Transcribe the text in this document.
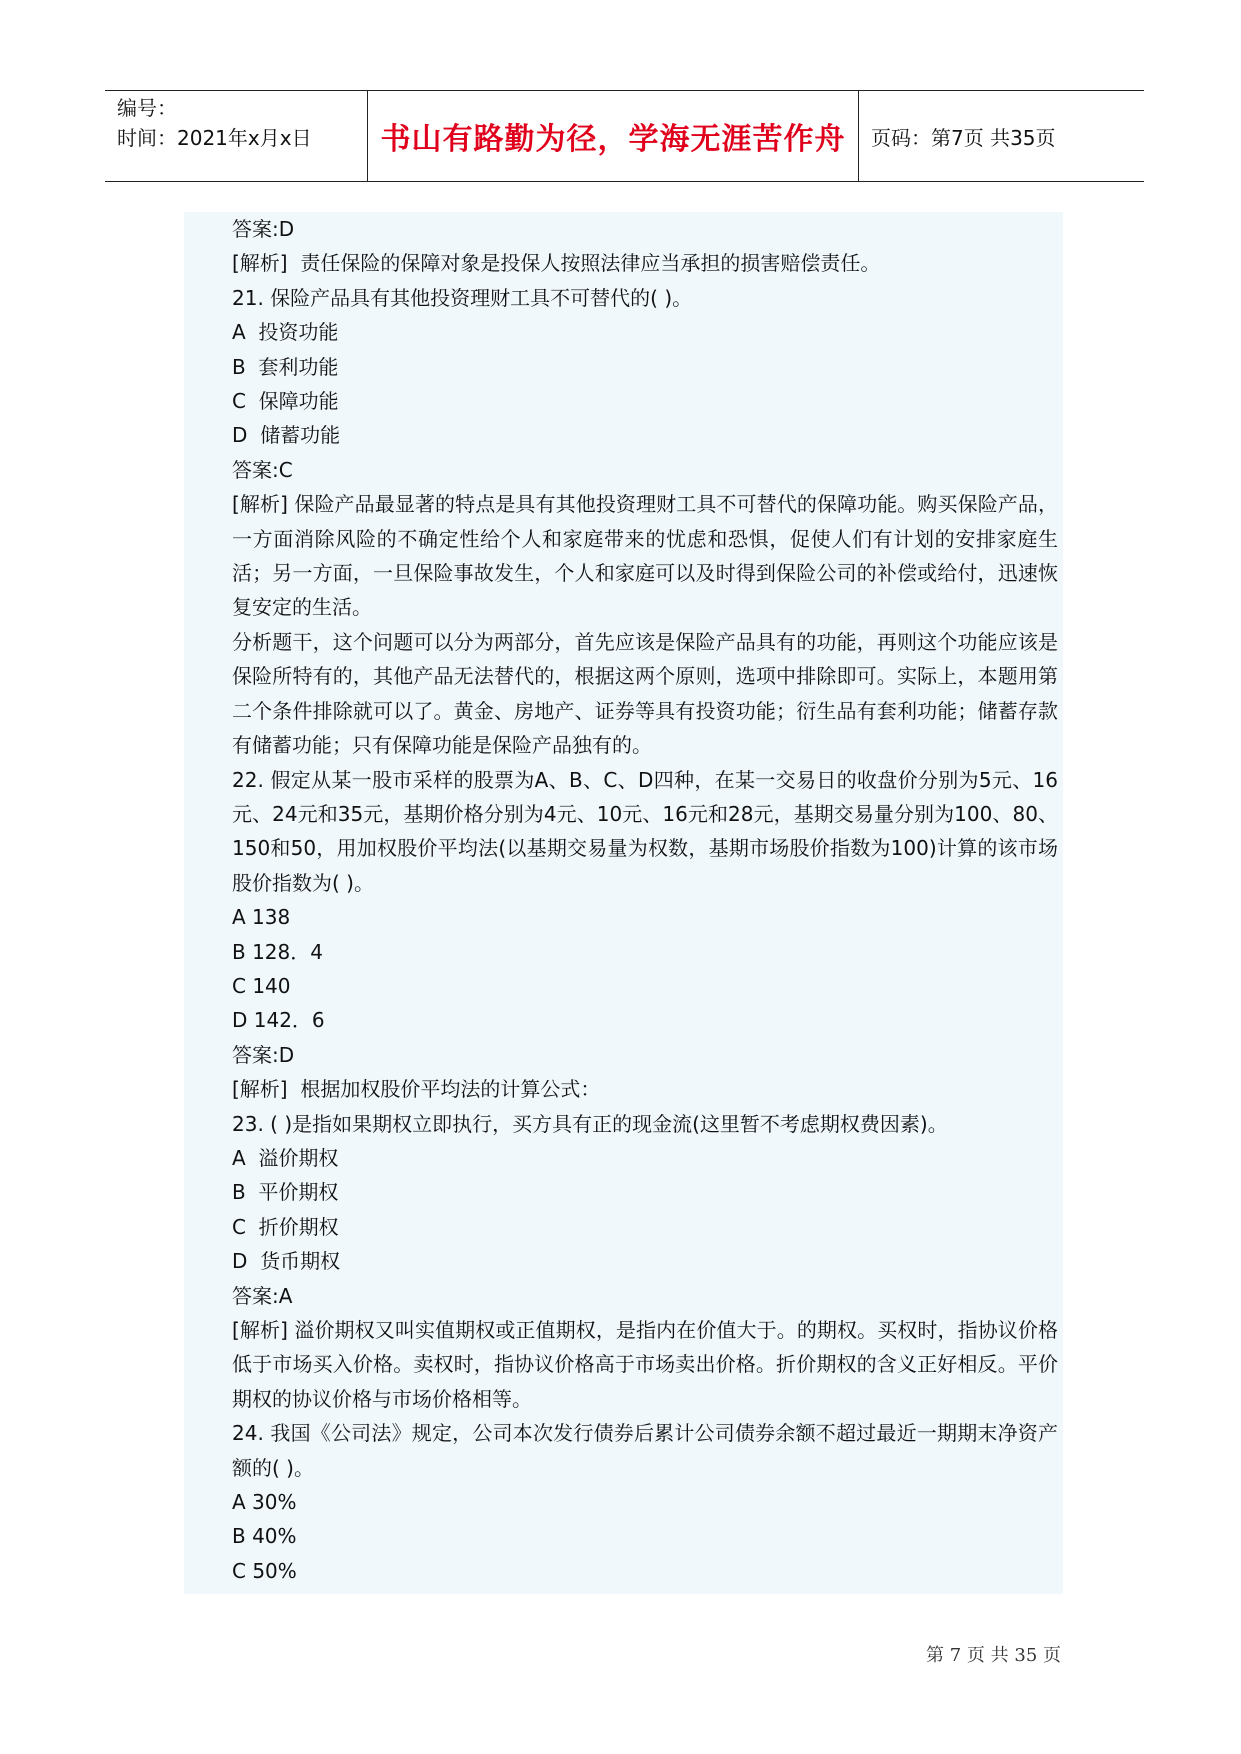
编号：
时间：2021年x月x日	书山有路勤为径，学海无涯苦作舟 页码：第7页 共35页
答案:D
[解析]  责任保险的保障对象是投保人按照法律应当承担的损害赔偿责任。
21. 保险产品具有其他投资理财工具不可替代的( )。
A  投资功能
B  套利功能
C  保障功能
D  储蓄功能
答案:C
[解析] 保险产品最显著的特点是具有其他投资理财工具不可替代的保障功能。购买保险产品，一方面消除风险的不确定性给个人和家庭带来的忧虑和恐惧，促使人们有计划的安排家庭生活；另一方面，一旦保险事故发生，个人和家庭可以及时得到保险公司的补偿或给付，迅速恢复安定的生活。
分析题干，这个问题可以分为两部分，首先应该是保险产品具有的功能，再则这个功能应该是保险所特有的，其他产品无法替代的，根据这两个原则，选项中排除即可。实际上，本题用第二个条件排除就可以了。黄金、房地产、证券等具有投资功能；衍生品有套利功能；储蓄存款有储蓄功能；只有保障功能是保险产品独有的。
22. 假定从某一股市采样的股票为A、B、C、D四种，在某一交易日的收盘价分别为5元、16元、24元和35元，基期价格分别为4元、10元、16元和28元，基期交易量分别为100、80、150和50，用加权股价平均法(以基期交易量为权数，基期市场股价指数为100)计算的该市场股价指数为( )。
A 138
B 128．4
C 140
D 142．6
答案:D
[解析]  根据加权股价平均法的计算公式：
23. ( )是指如果期权立即执行，买方具有正的现金流(这里暂不考虑期权费因素)。
A  溢价期权
B  平价期权
C  折价期权
D  货币期权
答案:A
[解析] 溢价期权又叫实值期权或正值期权，是指内在价值大于。的期权。买权时，指协议价格低于市场买入价格。卖权时，指协议价格高于市场卖出价格。折价期权的含义正好相反。平价期权的协议价格与市场价格相等。
24. 我国《公司法》规定，公司本次发行债券后累计公司债券余额不超过最近一期期末净资产额的( )。
A 30%
B 40%
C 50%
第 7 页 共 35 页
